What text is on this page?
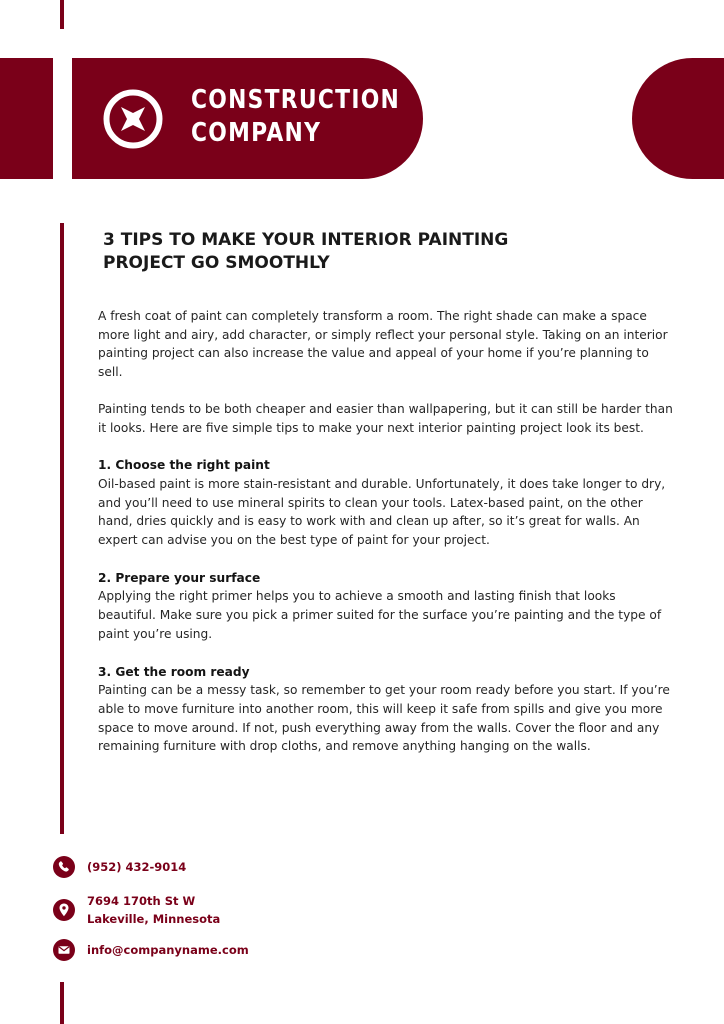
CONSTRUCTION
COMPANY
3 TIPS TO MAKE YOUR INTERIOR PAINTING
PROJECT GO SMOOTHLY

A fresh coat of paint can completely transform a room. The right shade can make a space more light and airy, add character, or simply reflect your personal style. Taking on an interior painting project can also increase the value and appeal of your home if you’re planning to sell.

Painting tends to be both cheaper and easier than wallpapering, but it can still be harder than it looks. Here are five simple tips to make your next interior painting project look its best.

1. Choose the right paint

Oil-based paint is more stain-resistant and durable. Unfortunately, it does take longer to dry, and you’ll need to use mineral spirits to clean your tools. Latex-based paint, on the other hand, dries quickly and is easy to work with and clean up after, so it’s great for walls. An expert can advise you on the best type of paint for your project.

2. Prepare your surface

Applying the right primer helps you to achieve a smooth and lasting finish that looks beautiful. Make sure you pick a primer suited for the surface you’re painting and the type of paint you’re using.

3. Get the room ready

Painting can be a messy task, so remember to get your room ready before you start. If you’re able to move furniture into another room, this will keep it safe from spills and give you more space to move around. If not, push everything away from the walls. Cover the floor and any remaining furniture with drop cloths, and remove anything hanging on the walls.

(952) 432-9014
7694 170th St W
Lakeville, Minnesota
info@companyname.com
